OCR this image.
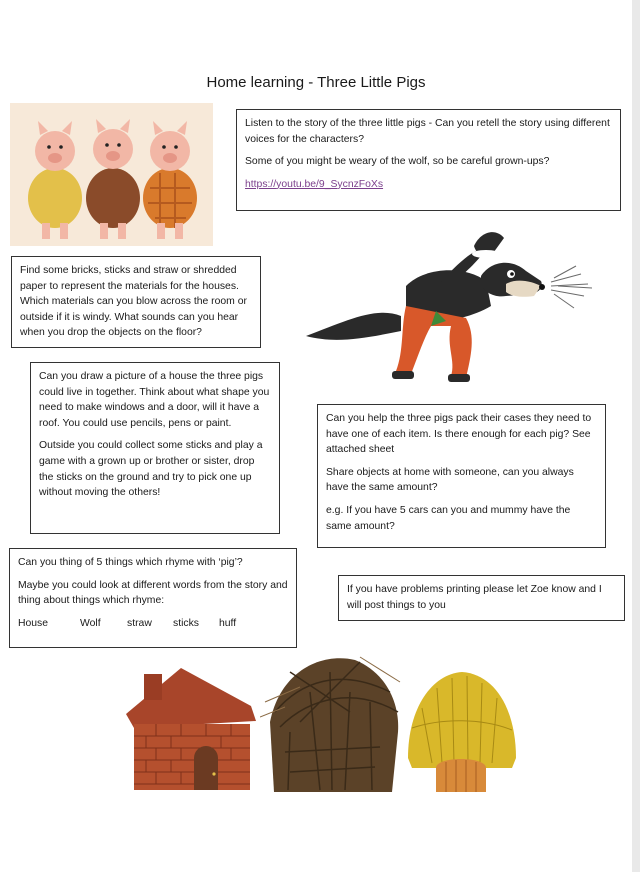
Home learning - Three Little Pigs

Listen to the story of the three little pigs - Can you retell the story using different voices for the characters?

Some of you might be weary of the wolf, so be careful grown-ups?

https://youtu.be/9_SycnzFoXs

Find some bricks, sticks and straw or shredded paper to represent the materials for the houses. Which materials can you blow across the room or outside if it is windy. What sounds can you hear when you drop the objects on the floor?

Can you draw a picture of a house the three pigs could live in together. Think about what shape you need to make windows and a door, will it have a roof. You could use pencils, pens or paint.

Outside you could collect some sticks and play a game with a grown up or brother or sister, drop the sticks on the ground and try to pick one up without moving the others!

Can you help the three pigs pack their cases they need to have one of each item. Is there enough for each pig? See attached sheet

Share objects at home with someone, can you always have the same amount?

e.g. If you have 5 cars can you and mummy have the same amount?

Can you thing of 5 things which rhyme with ‘pig’?

Maybe you could look at different words from the story and thing about things which rhyme:

House	Wolf	straw	sticks	huff

If you have problems printing please let Zoe know and I will post things to you
